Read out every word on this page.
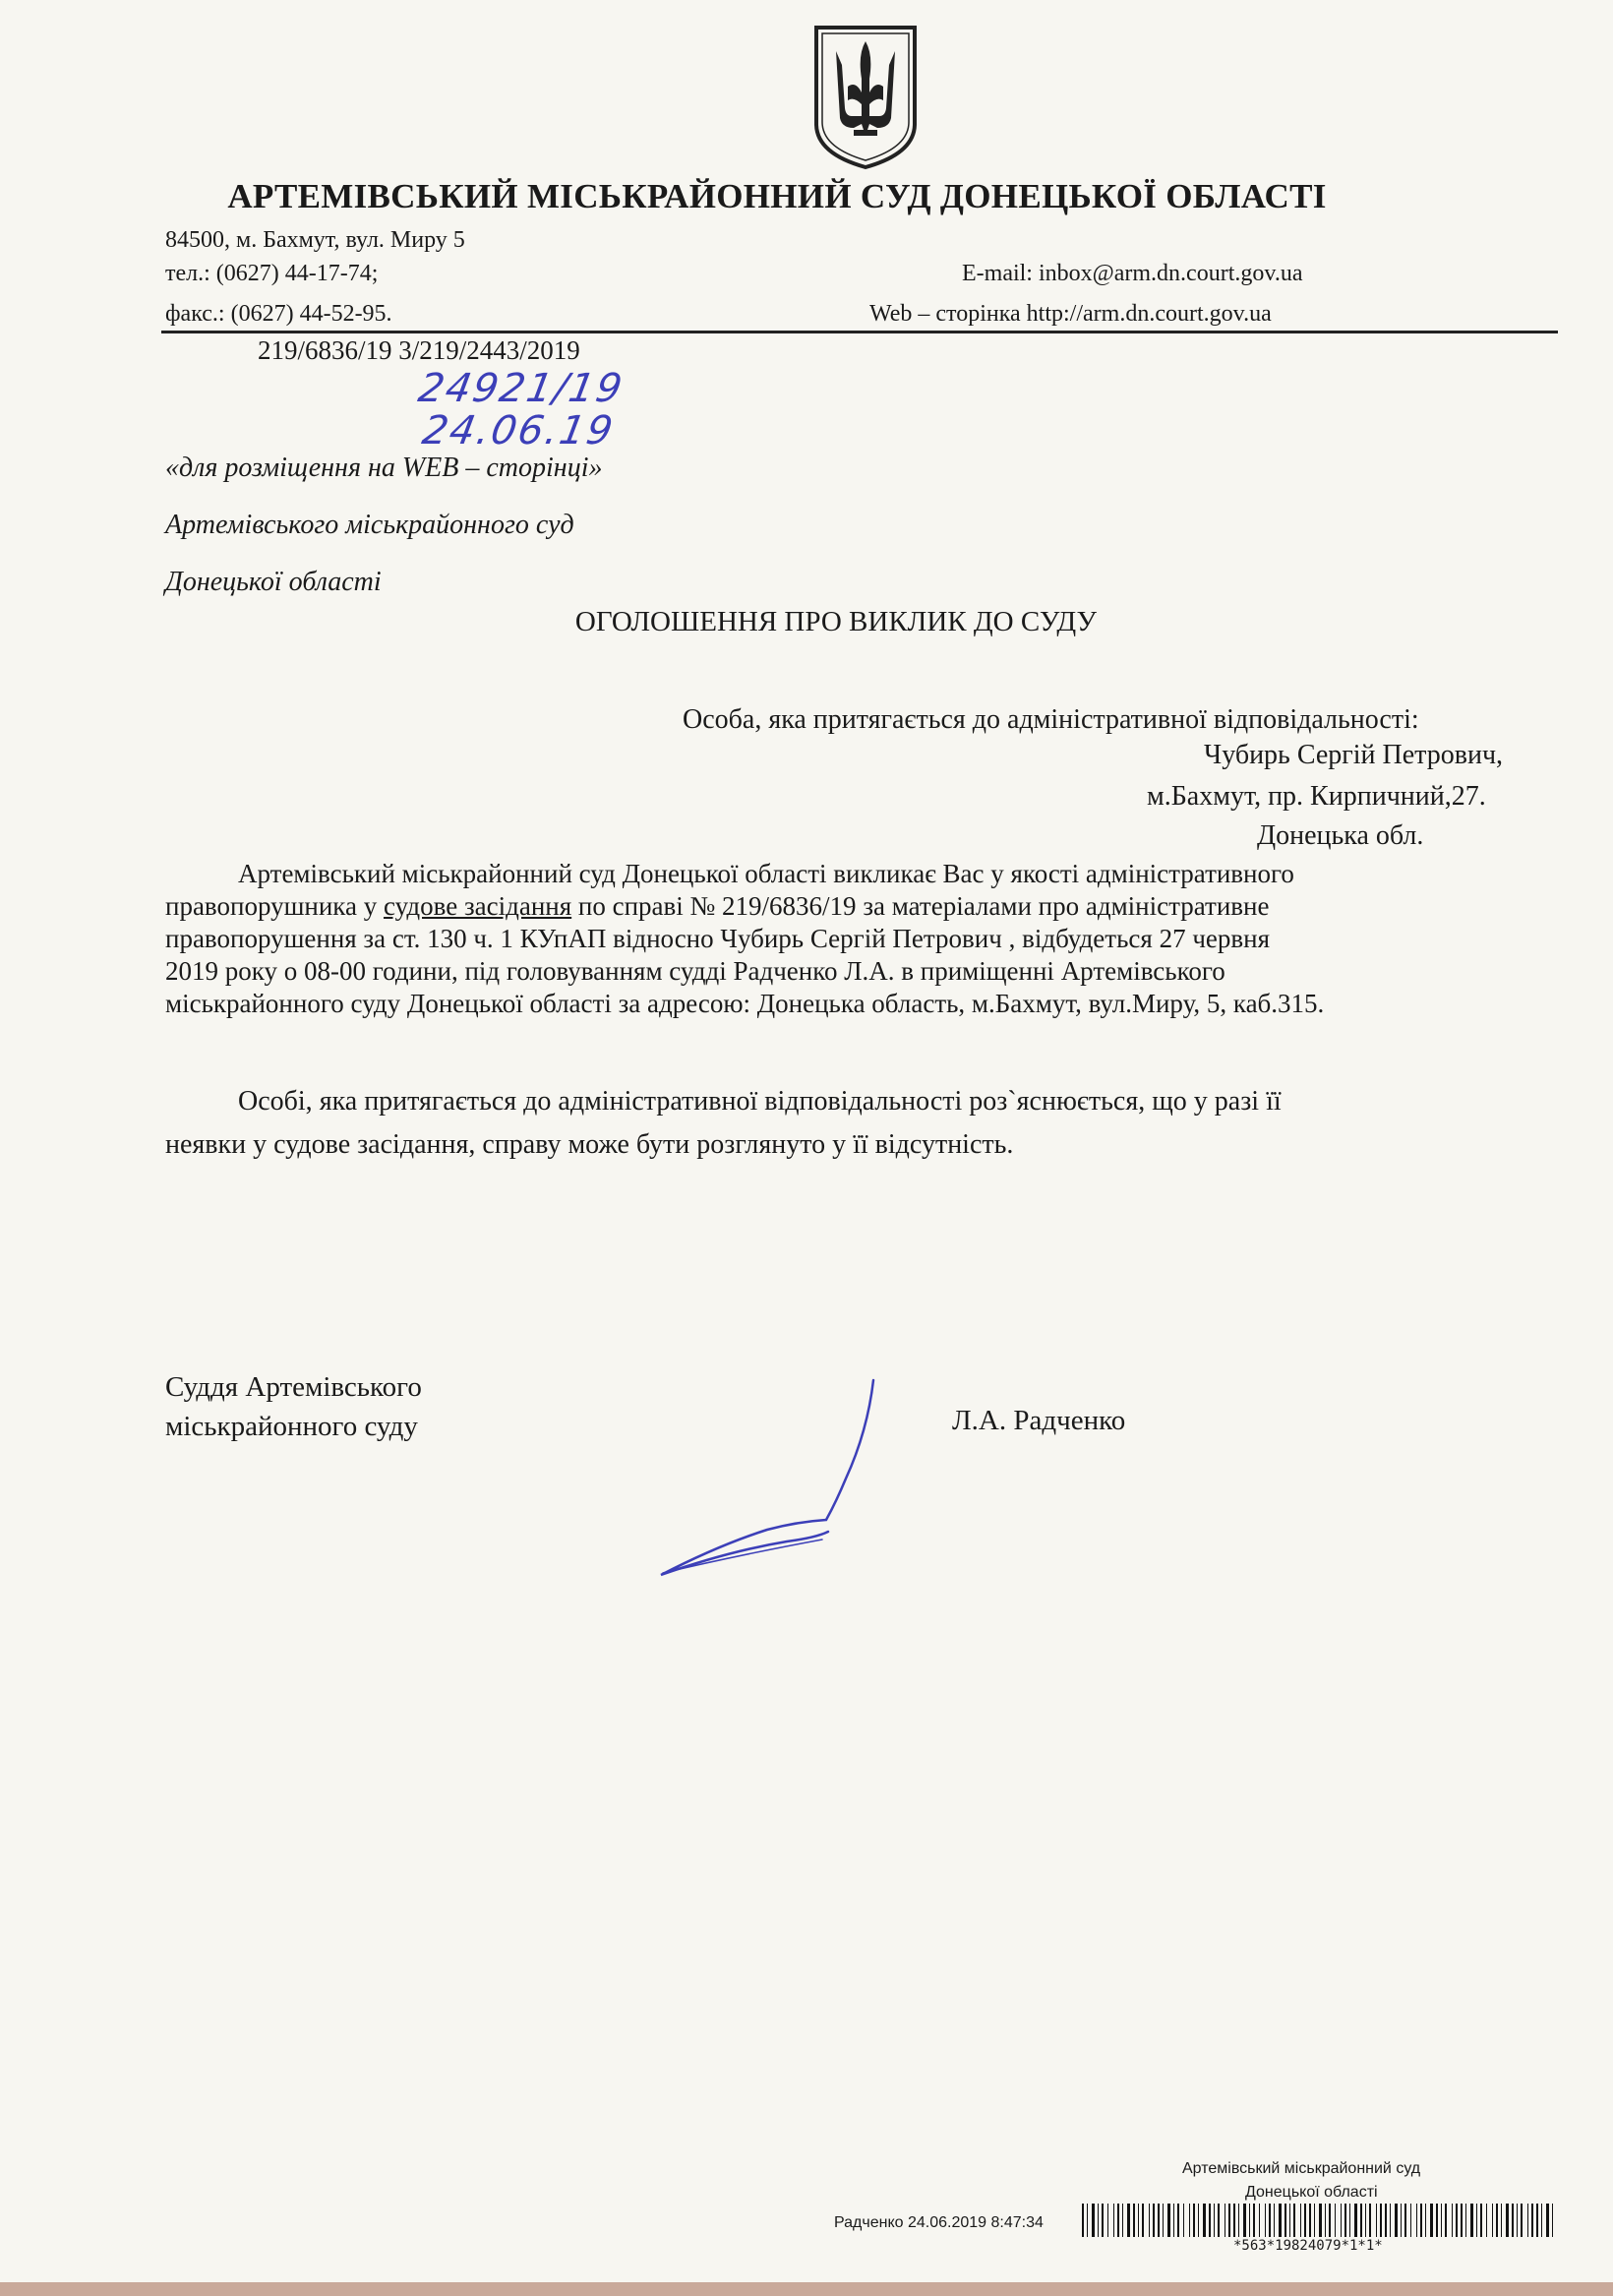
АРТЕМІВСЬКИЙ МІСЬКРАЙОННИЙ СУД ДОНЕЦЬКОЇ ОБЛАСТІ
84500, м. Бахмут, вул. Миру 5
тел.: (0627) 44-17-74;	E-mail: inbox@arm.dn.court.gov.ua
факс.: (0627) 44-52-95.	Web – сторінка http://arm.dn.court.gov.ua
219/6836/19 3/219/2443/2019
24921/19
24.06.19
«для розміщення на WEB – сторінці»
Артемівського міськрайонного суд
Донецької області
ОГОЛОШЕННЯ ПРО ВИКЛИК ДО СУДУ
Особа, яка притягається до адміністративної відповідальності:
Чубирь Сергій Петрович,
м.Бахмут, пр. Кирпичний,27.
Донецька обл.
Артемівський міськрайонний суд Донецької області викликає Вас у якості адміністративного
правопорушника у судове засідання по справі № 219/6836/19 за матеріалами про адміністративне
правопорушення за ст. 130 ч. 1 КУпАП відносно Чубирь Сергій Петрович , відбудеться 27 червня
2019 року о 08-00 години, під головуванням судді Радченко Л.А. в приміщенні Артемівського
міськрайонного суду Донецької області за адресою: Донецька область, м.Бахмут, вул.Миру, 5, каб.315.
Особі, яка притягається до адміністративної відповідальності роз`яснюється, що у разі її
неявки у судове засідання, справу може бути розглянуто у її відсутність.
Суддя Артемівського
міськрайонного суду	Л.А. Радченко
Артемівський міськрайонний суд
Донецької області
Радченко 24.06.2019 8:47:34
*563*19824079*1*1*
